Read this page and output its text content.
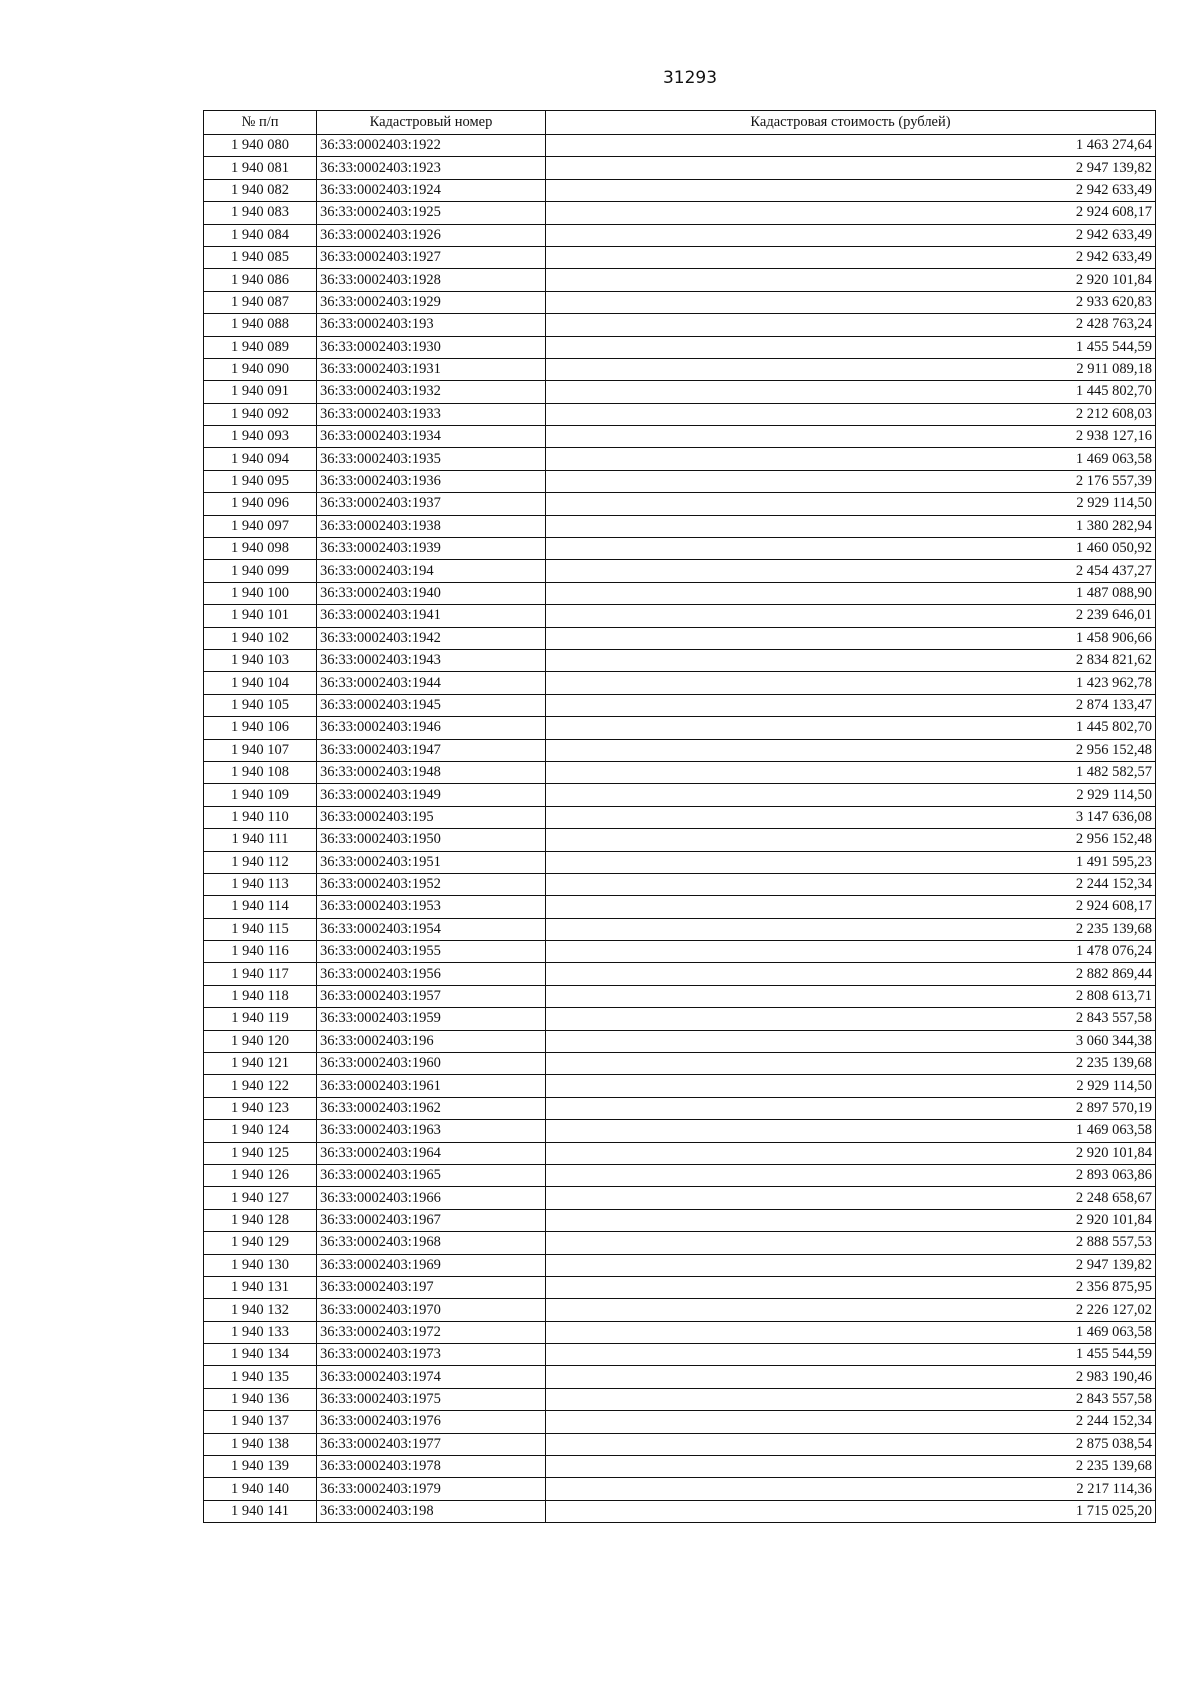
31293
№ п/п	Кадастровый номер	Кадастровая стоимость (рублей)
1 940 080	36:33:0002403:1922	1 463 274,64
1 940 081	36:33:0002403:1923	2 947 139,82
1 940 082	36:33:0002403:1924	2 942 633,49
1 940 083	36:33:0002403:1925	2 924 608,17
1 940 084	36:33:0002403:1926	2 942 633,49
1 940 085	36:33:0002403:1927	2 942 633,49
1 940 086	36:33:0002403:1928	2 920 101,84
1 940 087	36:33:0002403:1929	2 933 620,83
1 940 088	36:33:0002403:193	2 428 763,24
1 940 089	36:33:0002403:1930	1 455 544,59
1 940 090	36:33:0002403:1931	2 911 089,18
1 940 091	36:33:0002403:1932	1 445 802,70
1 940 092	36:33:0002403:1933	2 212 608,03
1 940 093	36:33:0002403:1934	2 938 127,16
1 940 094	36:33:0002403:1935	1 469 063,58
1 940 095	36:33:0002403:1936	2 176 557,39
1 940 096	36:33:0002403:1937	2 929 114,50
1 940 097	36:33:0002403:1938	1 380 282,94
1 940 098	36:33:0002403:1939	1 460 050,92
1 940 099	36:33:0002403:194	2 454 437,27
1 940 100	36:33:0002403:1940	1 487 088,90
1 940 101	36:33:0002403:1941	2 239 646,01
1 940 102	36:33:0002403:1942	1 458 906,66
1 940 103	36:33:0002403:1943	2 834 821,62
1 940 104	36:33:0002403:1944	1 423 962,78
1 940 105	36:33:0002403:1945	2 874 133,47
1 940 106	36:33:0002403:1946	1 445 802,70
1 940 107	36:33:0002403:1947	2 956 152,48
1 940 108	36:33:0002403:1948	1 482 582,57
1 940 109	36:33:0002403:1949	2 929 114,50
1 940 110	36:33:0002403:195	3 147 636,08
1 940 111	36:33:0002403:1950	2 956 152,48
1 940 112	36:33:0002403:1951	1 491 595,23
1 940 113	36:33:0002403:1952	2 244 152,34
1 940 114	36:33:0002403:1953	2 924 608,17
1 940 115	36:33:0002403:1954	2 235 139,68
1 940 116	36:33:0002403:1955	1 478 076,24
1 940 117	36:33:0002403:1956	2 882 869,44
1 940 118	36:33:0002403:1957	2 808 613,71
1 940 119	36:33:0002403:1959	2 843 557,58
1 940 120	36:33:0002403:196	3 060 344,38
1 940 121	36:33:0002403:1960	2 235 139,68
1 940 122	36:33:0002403:1961	2 929 114,50
1 940 123	36:33:0002403:1962	2 897 570,19
1 940 124	36:33:0002403:1963	1 469 063,58
1 940 125	36:33:0002403:1964	2 920 101,84
1 940 126	36:33:0002403:1965	2 893 063,86
1 940 127	36:33:0002403:1966	2 248 658,67
1 940 128	36:33:0002403:1967	2 920 101,84
1 940 129	36:33:0002403:1968	2 888 557,53
1 940 130	36:33:0002403:1969	2 947 139,82
1 940 131	36:33:0002403:197	2 356 875,95
1 940 132	36:33:0002403:1970	2 226 127,02
1 940 133	36:33:0002403:1972	1 469 063,58
1 940 134	36:33:0002403:1973	1 455 544,59
1 940 135	36:33:0002403:1974	2 983 190,46
1 940 136	36:33:0002403:1975	2 843 557,58
1 940 137	36:33:0002403:1976	2 244 152,34
1 940 138	36:33:0002403:1977	2 875 038,54
1 940 139	36:33:0002403:1978	2 235 139,68
1 940 140	36:33:0002403:1979	2 217 114,36
1 940 141	36:33:0002403:198	1 715 025,20
